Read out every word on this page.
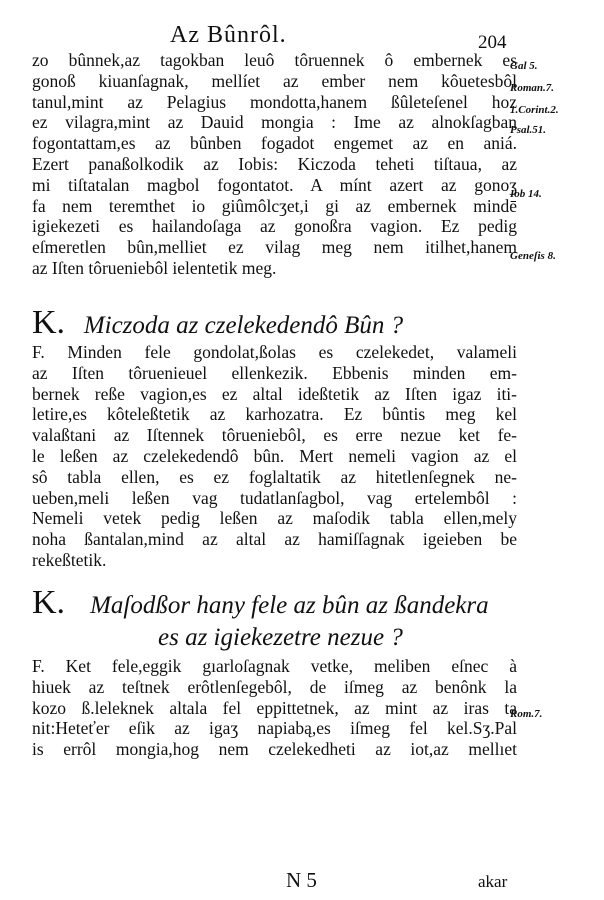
Az Bûnrôl.	204
zo bûnnek,az tagokban leuô tôruennek ô embernek es
gonoß kiuanſagnak, mellíet az ember nem kôuetesbôl
tanul,mint az Pelagius mondotta,hanem ßûleteſenel hoz
ez vilagra,mint az Dauid mongia : Ime az alnokſagban
fogontattam,es az bûnben fogadot engemet az en aniá.
Ezert panaßolkodik az Iobis: Kiczoda teheti tiſtaua, az
mi tiſtatalan magbol fogontatot. A mínt azert az gonoʒ
fa nem teremthet io giûmôlcʒet,i gi az embernek mindē
igiekezeti es hailandoſaga az gonoßra vagion. Ez pedig
eſmeretlen bûn,melliet ez vilag meg nem itilhet,hanem
az Iſten tôrueniebôl ielentetik meg.
Gal 5.
Roman.7.
1.Corint.2.
Psal.51.
Iob 14.
Geneſis 8.
K. Miczoda az czelekedendô Bûn ?
F. Minden fele gondolat,ßolas es czelekedet, valameli
az Iſten tôruenieuel ellenkezik. Ebbenis minden em-
bernek reße vagion,es ez altal ideßtetik az Iſten igaz iti-
letire,es kôteleßtetik az karhozatra. Ez bûntis meg kel
valaßtani az Iſtennek tôrueniebôl, es erre nezue ket fe-
le leßen az czelekedendô bûn. Mert nemeli vagion az el
sô tabla ellen, es ez foglaltatik az hitetlenſegnek ne-
ueben,meli leßen vag tudatlanſagbol, vag ertelembôl :
Nemeli vetek pedig leßen az maſodik tabla ellen,mely
noha ßantalan,mind az altal az hamiſſagnak igeieben be
rekeßtetik.
K. Maſodßor hany fele az bûn az ßandekra
es az igiekezetre nezue ?
F. Ket fele,eggik gıarloſagnak vetke, meliben eſnec à
hiuek az teſtnek erôtlenſegebôl, de iſmeg az benônk la
kozo ß.leleknek altala fel eppittetnek, az mint az iras ta
nit:Heteťer eſik az igaʒ napiabą,es iſmeg fel kel.Sʒ.Pal
is errôl mongia,hog nem czelekedheti az iot,az mellıet
Rom.7.
N 5	akar
